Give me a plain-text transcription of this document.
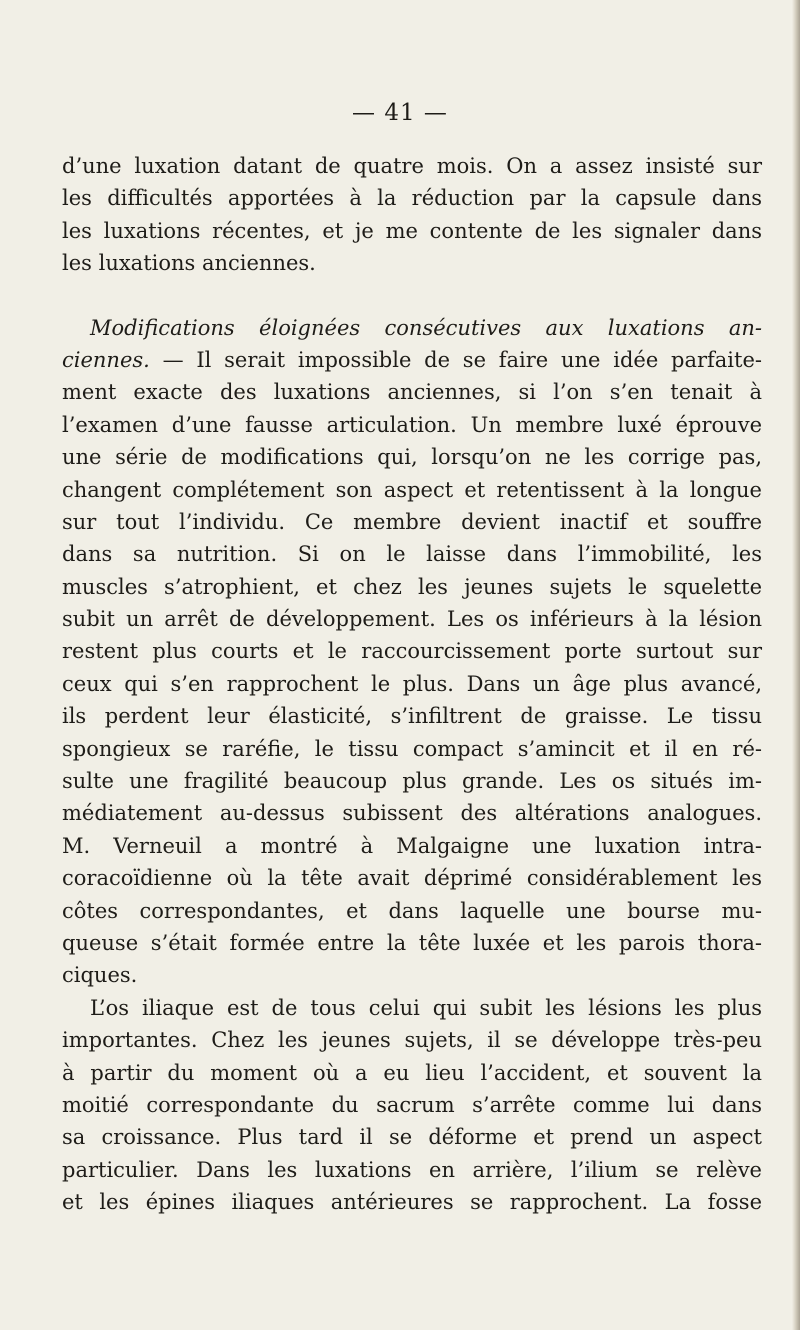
— 41 —

d’une luxation datant de quatre mois. On a assez insisté sur
les difficultés apportées à la réduction par la capsule dans
les luxations récentes, et je me contente de les signaler dans
les luxations anciennes.

Modifications éloignées consécutives aux luxations an-
ciennes. — Il serait impossible de se faire une idée parfaite-
ment exacte des luxations anciennes, si l’on s’en tenait à
l’examen d’une fausse articulation. Un membre luxé éprouve
une série de modifications qui, lorsqu’on ne les corrige pas,
changent complétement son aspect et retentissent à la longue
sur tout l’individu. Ce membre devient inactif et souffre
dans sa nutrition. Si on le laisse dans l’immobilité, les
muscles s’atrophient, et chez les jeunes sujets le squelette
subit un arrêt de développement. Les os inférieurs à la lésion
restent plus courts et le raccourcissement porte surtout sur
ceux qui s’en rapprochent le plus. Dans un âge plus avancé,
ils perdent leur élasticité, s’infiltrent de graisse. Le tissu
spongieux se raréfie, le tissu compact s’amincit et il en ré-
sulte une fragilité beaucoup plus grande. Les os situés im-
médiatement au-dessus subissent des altérations analogues.
M. Verneuil a montré à Malgaigne une luxation intra-
coracoïdienne où la tête avait déprimé considérablement les
côtes correspondantes, et dans laquelle une bourse mu-
queuse s’était formée entre la tête luxée et les parois thora-
ciques.

L’os iliaque est de tous celui qui subit les lésions les plus
importantes. Chez les jeunes sujets, il se développe très-peu
à partir du moment où a eu lieu l’accident, et souvent la
moitié correspondante du sacrum s’arrête comme lui dans
sa croissance. Plus tard il se déforme et prend un aspect
particulier. Dans les luxations en arrière, l’ilium se relève
et les épines iliaques antérieures se rapprochent. La fosse
